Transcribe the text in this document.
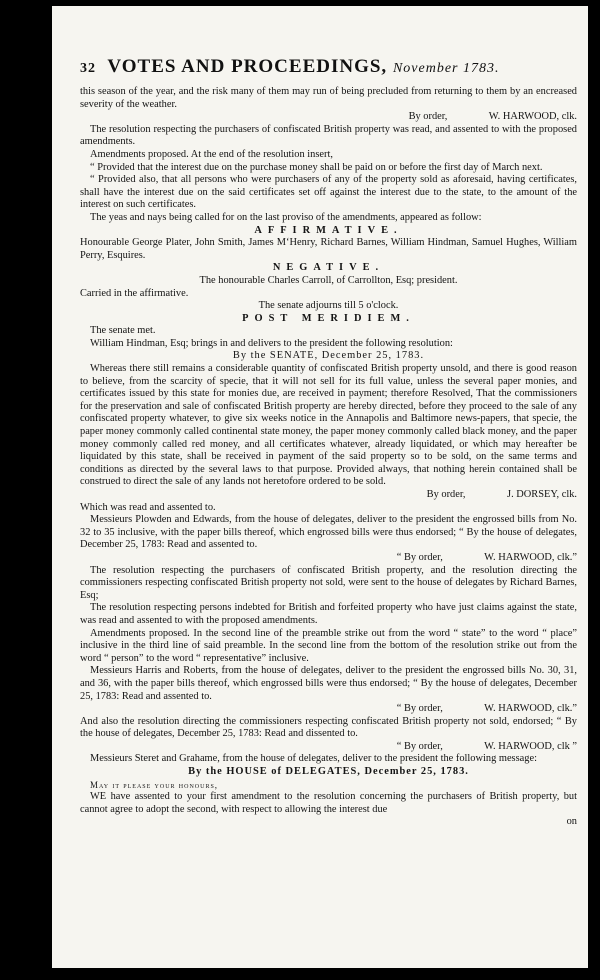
32 VOTES AND PROCEEDINGS, November 1783.

this season of the year, and the risk many of them may run of being precluded from returning to them by an encreased severity of the weather.

By order,                W. HARWOOD, clk.

The resolution respecting the purchasers of confiscated British property was read, and assented to with the proposed amendments.

Amendments proposed. At the end of the resolution insert,

“ Provided that the interest due on the purchase money shall be paid on or before the first day of March next.

“ Provided also, that all persons who were purchasers of any of the property sold as aforesaid, having certificates, shall have the interest due on the said certificates set off against the interest due to the state, to the amount of the interest on such certificates.

The yeas and nays being called for on the last proviso of the amendments, appeared as follow:

AFFIRMATIVE.

Honourable George Plater, John Smith, James M‘Henry, Richard Barnes, William Hindman, Samuel Hughes, William Perry, Esquires.

NEGATIVE.

The honourable Charles Carroll, of Carrollton, Esq; president.

Carried in the affirmative.

The senate adjourns till 5 o'clock.

POST MERIDIEM.

The senate met.

William Hindman, Esq; brings in and delivers to the president the following resolution:

By the SENATE, December 25, 1783.

Whereas there still remains a considerable quantity of confiscated British property unsold, and there is good reason to believe, from the scarcity of specie, that it will not sell for its full value, unless the several paper monies, and certificates issued by this state for monies due, are received in payment; therefore Resolved, That the commissioners for the preservation and sale of confiscated British property are hereby directed, before they proceed to the sale of any confiscated property whatever, to give six weeks notice in the Annapolis and Baltimore news-papers, that specie, the paper money commonly called continental state money, the paper money commonly called black money, and the paper money commonly called red money, and all certificates whatever, already liquidated, or which may hereafter be liquidated by this state, shall be received in payment of the said property so to be sold, on the same terms and conditions as directed by the several laws to that purpose. Provided always, that nothing herein contained shall be construed to direct the sale of any lands not heretofore ordered to be sold.

By order,                J. DORSEY, clk.

Which was read and assented to.

Messieurs Plowden and Edwards, from the house of delegates, deliver to the president the engrossed bills from No. 32 to 35 inclusive, with the paper bills thereof, which engrossed bills were thus endorsed; “ By the house of delegates, December 25, 1783: Read and assented to.

“ By order,                W. HARWOOD, clk.”

The resolution respecting the purchasers of confiscated British property, and the resolution directing the commissioners respecting confiscated British property not sold, were sent to the house of delegates by Richard Barnes, Esq;

The resolution respecting persons indebted for British and forfeited property who have just claims against the state, was read and assented to with the proposed amendments.

Amendments proposed. In the second line of the preamble strike out from the word “ state” to the word “ place” inclusive in the third line of said preamble. In the second line from the bottom of the resolution strike out from the word “ person” to the word “ representative” inclusive.

Messieurs Harris and Roberts, from the house of delegates, deliver to the president the engrossed bills No. 30, 31, and 36, with the paper bills thereof, which engrossed bills were thus endorsed; “ By the house of delegates, December 25, 1783: Read and assented to.

“ By order,                W. HARWOOD, clk.”

And also the resolution directing the commissioners respecting confiscated British property not sold, endorsed; “ By the house of delegates, December 25, 1783: Read and dissented to.

“ By order,                W. HARWOOD, clk ”

Messieurs Steret and Grahame, from the house of delegates, deliver to the president the following message:

By the HOUSE of DELEGATES, December 25, 1783.

May it please your honours,

WE have assented to your first amendment to the resolution concerning the purchasers of British property, but cannot agree to adopt the second, with respect to allowing the interest due

on
